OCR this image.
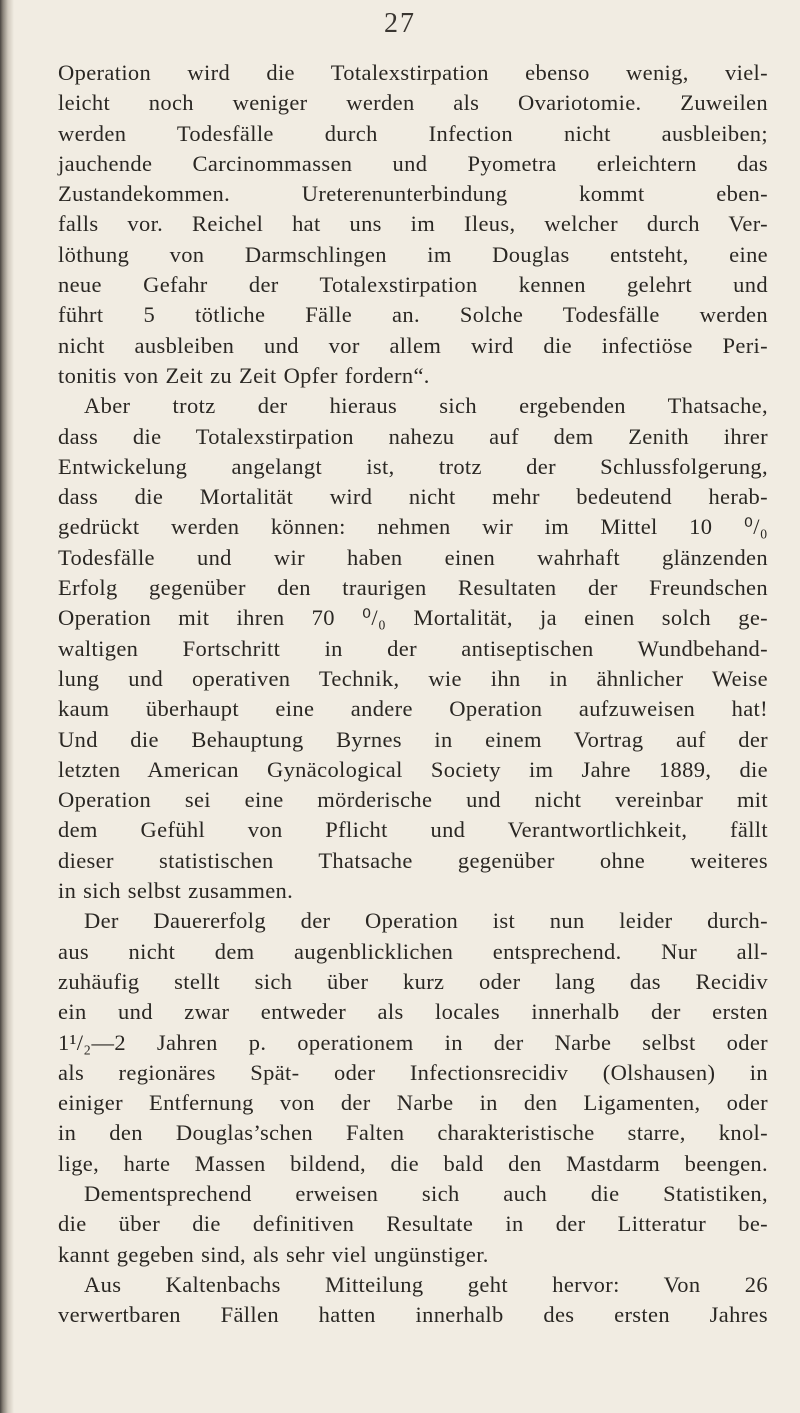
27
Operation wird die Totalexstirpation ebenso wenig, viel-
leicht noch weniger werden als Ovariotomie. Zuweilen
werden Todesfälle durch Infection nicht ausbleiben;
jauchende Carcinommassen und Pyometra erleichtern das
Zustandekommen. Ureterenunterbindung kommt eben-
falls vor. Reichel hat uns im Ileus, welcher durch Ver-
löthung von Darmschlingen im Douglas entsteht, eine
neue Gefahr der Totalexstirpation kennen gelehrt und
führt 5 tötliche Fälle an. Solche Todesfälle werden
nicht ausbleiben und vor allem wird die infectiöse Peri-
tonitis von Zeit zu Zeit Opfer fordern“.
Aber trotz der hieraus sich ergebenden Thatsache,
dass die Totalexstirpation nahezu auf dem Zenith ihrer
Entwickelung angelangt ist, trotz der Schlussfolgerung,
dass die Mortalität wird nicht mehr bedeutend herab-
gedrückt werden können: nehmen wir im Mittel 10 ⁰/₀
Todesfälle und wir haben einen wahrhaft glänzenden
Erfolg gegenüber den traurigen Resultaten der Freundschen
Operation mit ihren 70 ⁰/₀ Mortalität, ja einen solch ge-
waltigen Fortschritt in der antiseptischen Wundbehand-
lung und operativen Technik, wie ihn in ähnlicher Weise
kaum überhaupt eine andere Operation aufzuweisen hat!
Und die Behauptung Byrnes in einem Vortrag auf der
letzten American Gynäcological Society im Jahre 1889, die
Operation sei eine mörderische und nicht vereinbar mit
dem Gefühl von Pflicht und Verantwortlichkeit, fällt
dieser statistischen Thatsache gegenüber ohne weiteres
in sich selbst zusammen.
Der Dauererfolg der Operation ist nun leider durch-
aus nicht dem augenblicklichen entsprechend. Nur all-
zuhäufig stellt sich über kurz oder lang das Recidiv
ein und zwar entweder als locales innerhalb der ersten
1¹/₂—2 Jahren p. operationem in der Narbe selbst oder
als regionäres Spät- oder Infectionsrecidiv (Olshausen) in
einiger Entfernung von der Narbe in den Ligamenten, oder
in den Douglas’schen Falten charakteristische starre, knol-
lige, harte Massen bildend, die bald den Mastdarm beengen.
Dementsprechend erweisen sich auch die Statistiken,
die über die definitiven Resultate in der Litteratur be-
kannt gegeben sind, als sehr viel ungünstiger.
Aus Kaltenbachs Mitteilung geht hervor: Von 26
verwertbaren Fällen hatten innerhalb des ersten Jahres
